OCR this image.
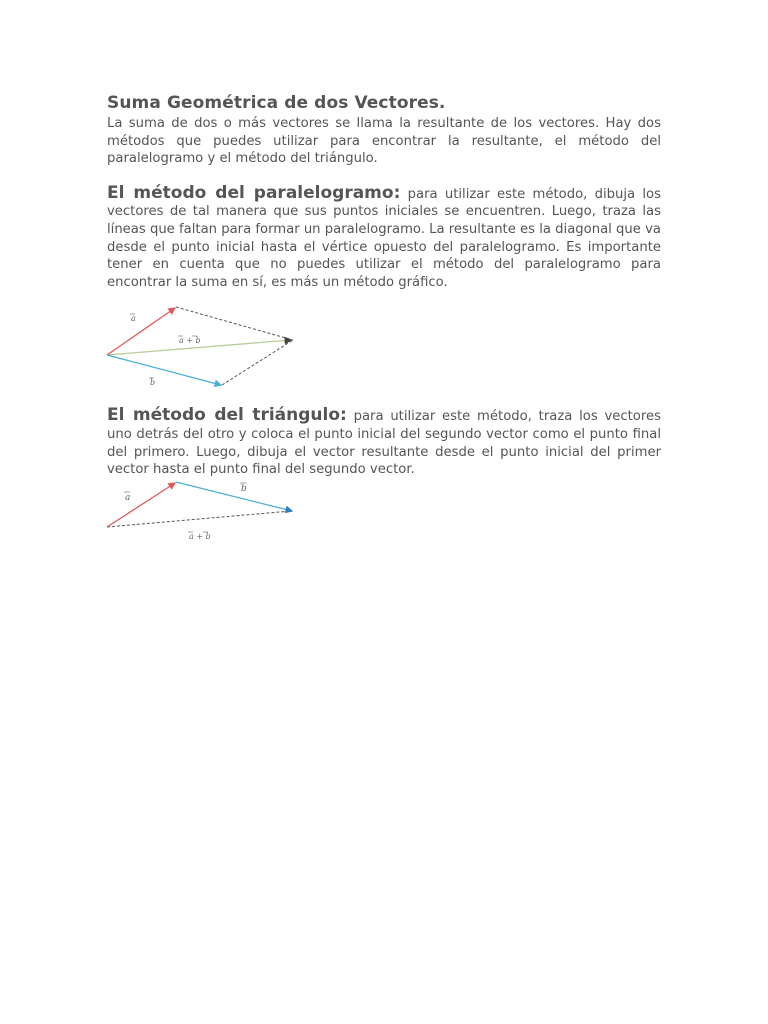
Suma Geométrica de dos Vectores.

La suma de dos o más vectores se llama la resultante de los vectores. Hay dos métodos que puedes utilizar para encontrar la resultante, el método del paralelogramo y el método del triángulo.

El método del paralelogramo: para utilizar este método, dibuja los vectores de tal manera que sus puntos iniciales se encuentren. Luego, traza las líneas que faltan para formar un paralelogramo. La resultante es la diagonal que va desde el punto inicial hasta el vértice opuesto del paralelogramo. Es importante tener en cuenta que no puedes utilizar el método del paralelogramo para encontrar la suma en sí, es más un método gráfico.

a
a + b
b

El método del triángulo: para utilizar este método, traza los vectores uno detrás del otro y coloca el punto inicial del segundo vector como el punto final del primero. Luego, dibuja el vector resultante desde el punto inicial del primer vector hasta el punto final del segundo vector.

a
b
a + b
